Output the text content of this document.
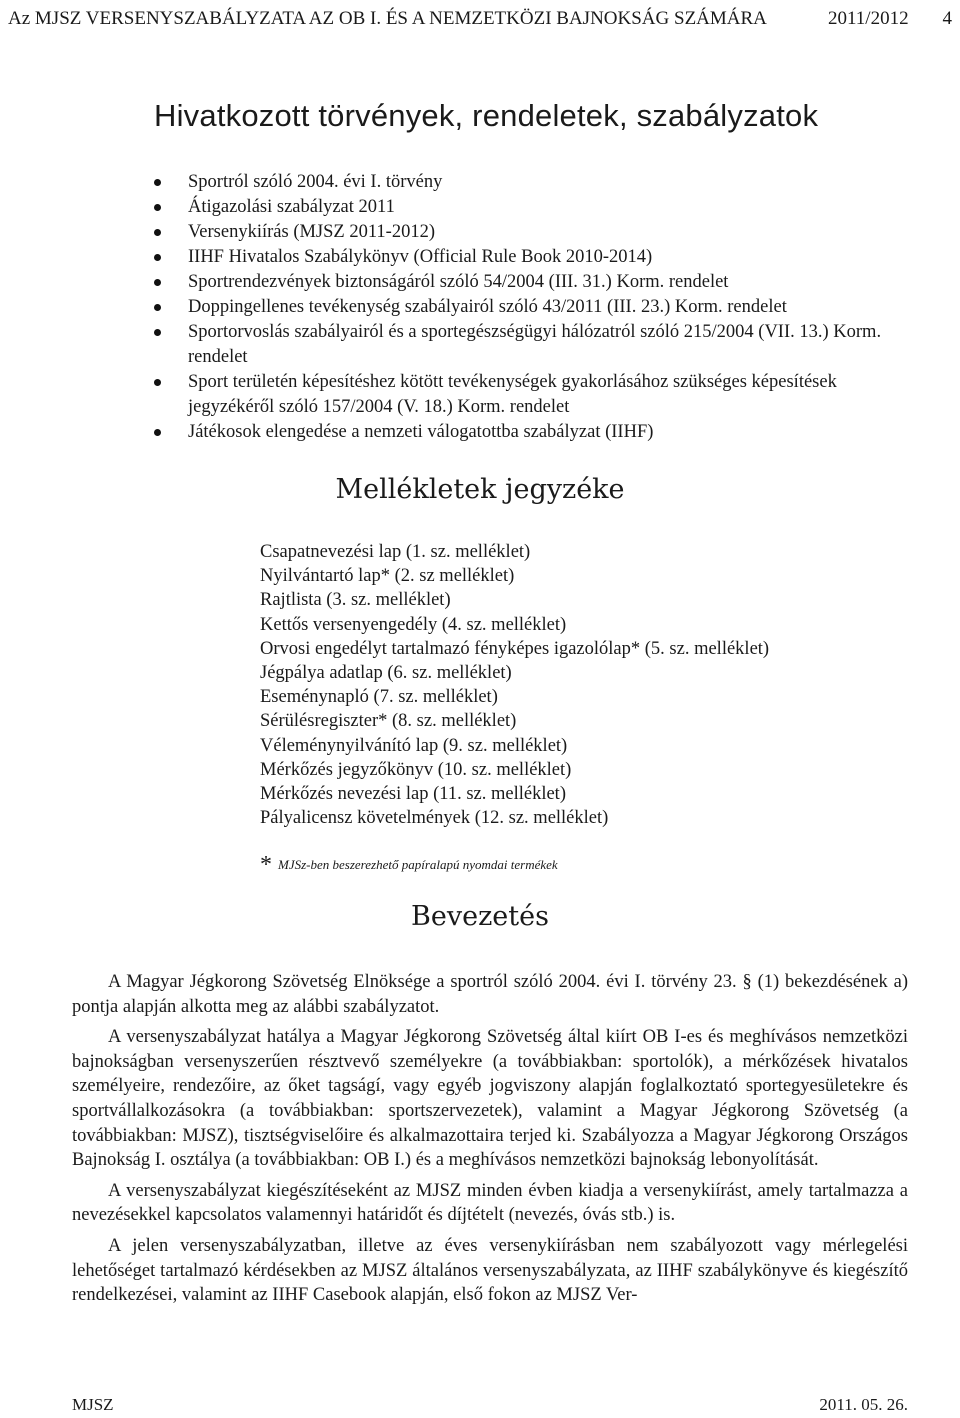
Az MJSZ VERSENYSZABÁLYZATA AZ OB I. ÉS A NEMZETKÖZI BAJNOKSÁG SZÁMÁRA	2011/2012 4
Hivatkozott törvények, rendeletek, szabályzatok
Sportról szóló 2004. évi I. törvény
Átigazolási szabályzat 2011
Versenykiírás (MJSZ 2011-2012)
IIHF Hivatalos Szabálykönyv (Official Rule Book 2010-2014)
Sportrendezvények biztonságáról szóló 54/2004 (III. 31.) Korm. rendelet
Doppingellenes tevékenység szabályairól szóló 43/2011 (III. 23.) Korm. rendelet
Sportorvoslás szabályairól és a sportegészségügyi hálózatról szóló 215/2004 (VII. 13.) Korm. rendelet
Sport területén képesítéshez kötött tevékenységek gyakorlásához szükséges képesítések jegyzékéről szóló 157/2004 (V. 18.) Korm. rendelet
Játékosok elengedése a nemzeti válogatottba szabályzat (IIHF)
Mellékletek jegyzéke
Csapatnevezési lap (1. sz. melléklet)
Nyilvántartó lap* (2. sz melléklet)
Rajtlista (3. sz. melléklet)
Kettős versenyengedély (4. sz. melléklet)
Orvosi engedélyt tartalmazó fényképes igazolólap* (5. sz. melléklet)
Jégpálya adatlap (6. sz. melléklet)
Eseménynapló (7. sz. melléklet)
Sérülésregiszter* (8. sz. melléklet)
Véleménynyilvánító lap (9. sz. melléklet)
Mérkőzés jegyzőkönyv (10. sz. melléklet)
Mérkőzés nevezési lap (11. sz. melléklet)
Pályalicensz követelmények (12. sz. melléklet)
* MJSz-ben beszerezhető papíralapú nyomdai termékek
Bevezetés

A Magyar Jégkorong Szövetség Elnöksége a sportról szóló 2004. évi I. törvény 23. § (1) bekezdésének a) pontja alapján alkotta meg az alábbi szabályzatot.

A versenyszabályzat hatálya a Magyar Jégkorong Szövetség által kiírt OB I-es és meghívásos nemzetközi bajnokságban versenyszerűen résztvevő személyekre (a továbbiakban: sportolók), a mérkőzések hivatalos személyeire, rendezőire, az őket tagságí, vagy egyéb jogviszony alapján foglalkoztató sportegyesületekre és sportvállalkozásokra (a továbbiakban: sportszervezetek), valamint a Magyar Jégkorong Szövetség (a továbbiakban: MJSZ), tisztségviselőire és alkalmazottaira terjed ki. Szabályozza a Magyar Jégkorong Országos Bajnokság I. osztálya (a továbbiakban: OB I.) és a meghívásos nemzetközi bajnokság lebonyolítását.

A versenyszabályzat kiegészítéseként az MJSZ minden évben kiadja a versenykiírást, amely tartalmazza a nevezésekkel kapcsolatos valamennyi határidőt és díjtételt (nevezés, óvás stb.) is.

A jelen versenyszabályzatban, illetve az éves versenykiírásban nem szabályozott vagy mérlegelési lehetőséget tartalmazó kérdésekben az MJSZ általános versenyszabályzata, az IIHF szabálykönyve és kiegészítő rendelkezései, valamint az IIHF Casebook alapján, első fokon az MJSZ Ver-

MJSZ	2011. 05. 26.
